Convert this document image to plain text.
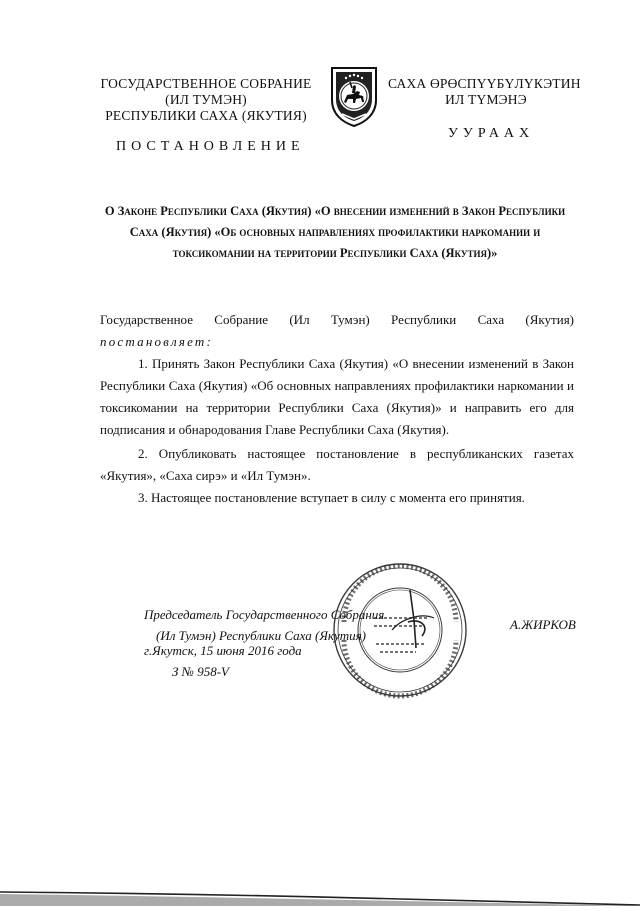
ГОСУДАРСТВЕННОЕ СОБРАНИЕ
(ИЛ ТУМЭН)
РЕСПУБЛИКИ САХА (ЯКУТИЯ)
САХА ӨРӨСПҮҮБҮЛҮКЭТИН
ИЛ ТҮМЭНЭ
ПОСТАНОВЛЕНИЕ
УУРААХ
О Законе Республики Саха (Якутия) «О внесении изменений в Закон Республики Саха (Якутия) «Об основных направлениях профилактики наркомании и токсикомании на территории Республики Саха (Якутия)»
Государственное Собрание (Ил Тумэн) Республики Саха (Якутия)
постановляет:
1. Принять Закон Республики Саха (Якутия) «О внесении изменений в Закон Республики Саха (Якутия) «Об основных направлениях профилактики наркомании и токсикомании на территории Республики Саха (Якутия)» и направить его для подписания и обнародования Главе Республики Саха (Якутия).
2. Опубликовать настоящее постановление в республиканских газетах «Якутия», «Саха сирэ» и «Ил Тумэн».
3. Настоящее постановление вступает в силу с момента его принятия.
Председатель Государственного Собрания
(Ил Тумэн) Республики Саха (Якутия)
А.ЖИРКОВ
г.Якутск, 15 июня 2016 года
З № 958-V
